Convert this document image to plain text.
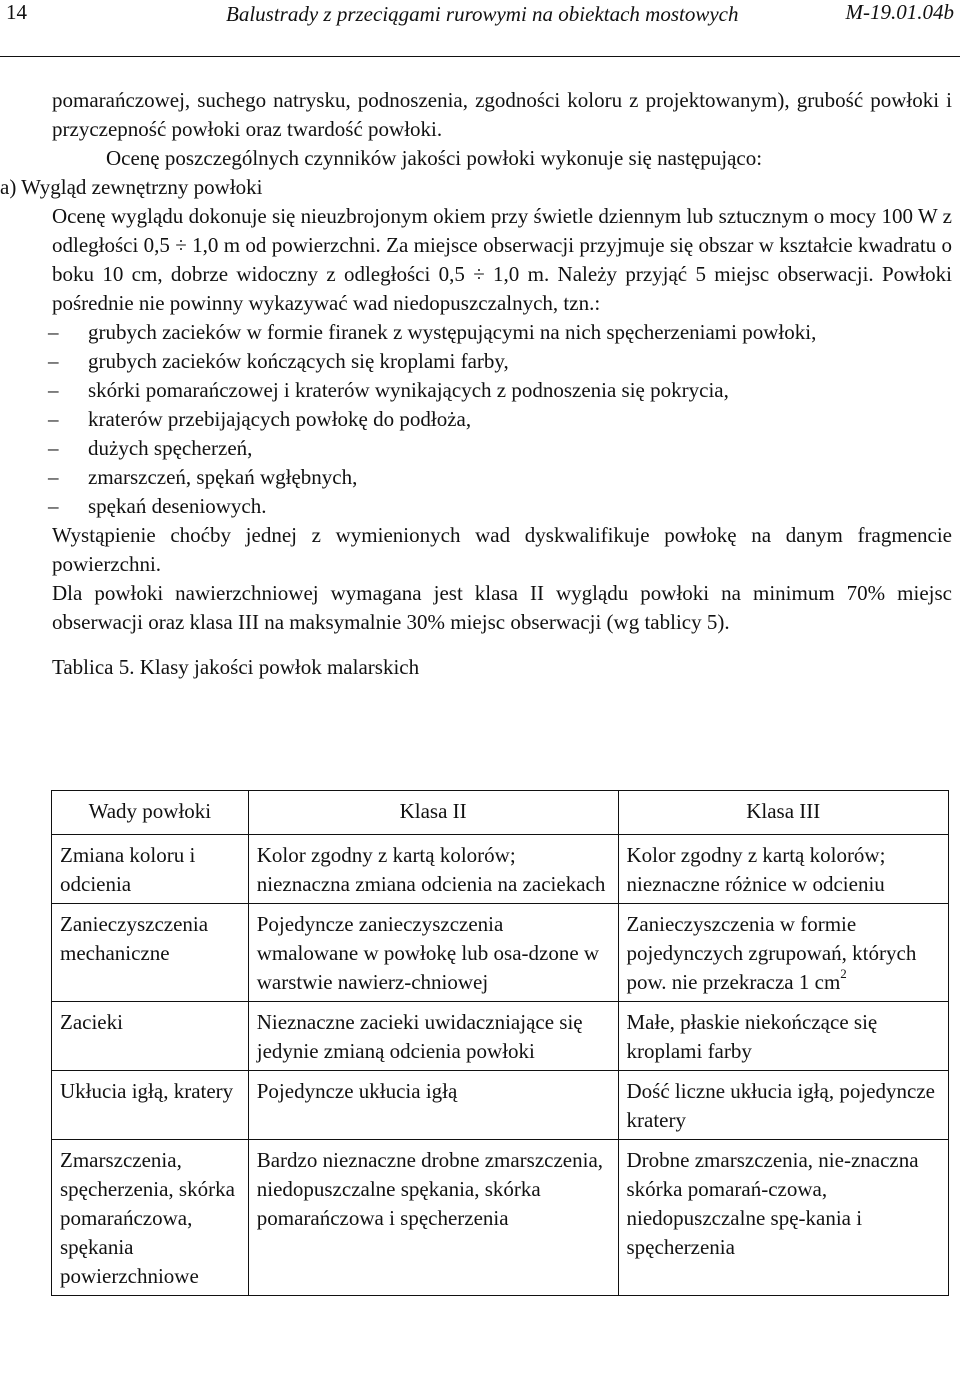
14	Balustrady z przeciągami rurowymi na obiektach mostowych	M-19.01.04b

pomarańczowej, suchego natrysku, podnoszenia, zgodności koloru z projektowanym), grubość powłoki i przyczepność powłoki oraz twardość powłoki.

Ocenę poszczególnych czynników jakości powłoki wykonuje się następująco:

a) Wygląd zewnętrzny powłoki

Ocenę wyglądu dokonuje się nieuzbrojonym okiem przy świetle dziennym lub sztucznym o mocy 100 W z odległości 0,5 ÷ 1,0 m od powierzchni. Za miejsce obserwacji przyjmuje się obszar w kształcie kwadratu o boku 10 cm, dobrze widoczny z odległości 0,5 ÷ 1,0 m. Należy przyjąć 5 miejsc obserwacji. Powłoki pośrednie nie powinny wykazywać wad niedopuszczalnych, tzn.:

–	grubych zacieków w formie firanek z występującymi na nich spęcherzeniami powłoki,
–	grubych zacieków kończących się kroplami farby,
–	skórki pomarańczowej i kraterów wynikających z podnoszenia się pokrycia,
–	kraterów przebijających powłokę do podłoża,
–	dużych spęcherzeń,
–	zmarszczeń, spękań wgłębnych,
–	spękań deseniowych.

Wystąpienie choćby jednej z wymienionych wad dyskwalifikuje powłokę na danym fragmencie powierzchni.

Dla powłoki nawierzchniowej wymagana jest klasa II wyglądu powłoki na minimum 70% miejsc obserwacji oraz klasa III na maksymalnie 30% miejsc obserwacji (wg tablicy 5).

Tablica 5. Klasy jakości powłok malarskich

Wady powłoki	Klasa II	Klasa III
Zmiana koloru i odcienia	Kolor zgodny z kartą kolorów; nieznaczna zmiana odcienia na zaciekach	Kolor zgodny z kartą kolorów; nieznaczne różnice w odcieniu
Zanieczyszczenia mechaniczne	Pojedyncze zanieczyszczenia wmalowane w powłokę lub osa-dzone w warstwie nawierz-chniowej	Zanieczyszczenia w formie pojedynczych zgrupowań, których pow. nie przekracza 1 $cm^2$
Zacieki	Nieznaczne zacieki uwidaczniające się jedynie zmianą odcienia powłoki	Małe, płaskie niekończące się kroplami farby
Ukłucia igłą, kratery	Pojedyncze ukłucia igłą	Dość liczne ukłucia igłą, pojedyncze kratery
Zmarszczenia, spęcherzenia, skórka pomarańczowa, spękania powierzchniowe	Bardzo nieznaczne drobne zmarszczenia, niedopuszczalne spękania, skórka pomarańczowa i spęcherzenia	Drobne zmarszczenia, nie-znaczna skórka pomarań-czowa, niedopuszczalne spę-kania i spęcherzenia
